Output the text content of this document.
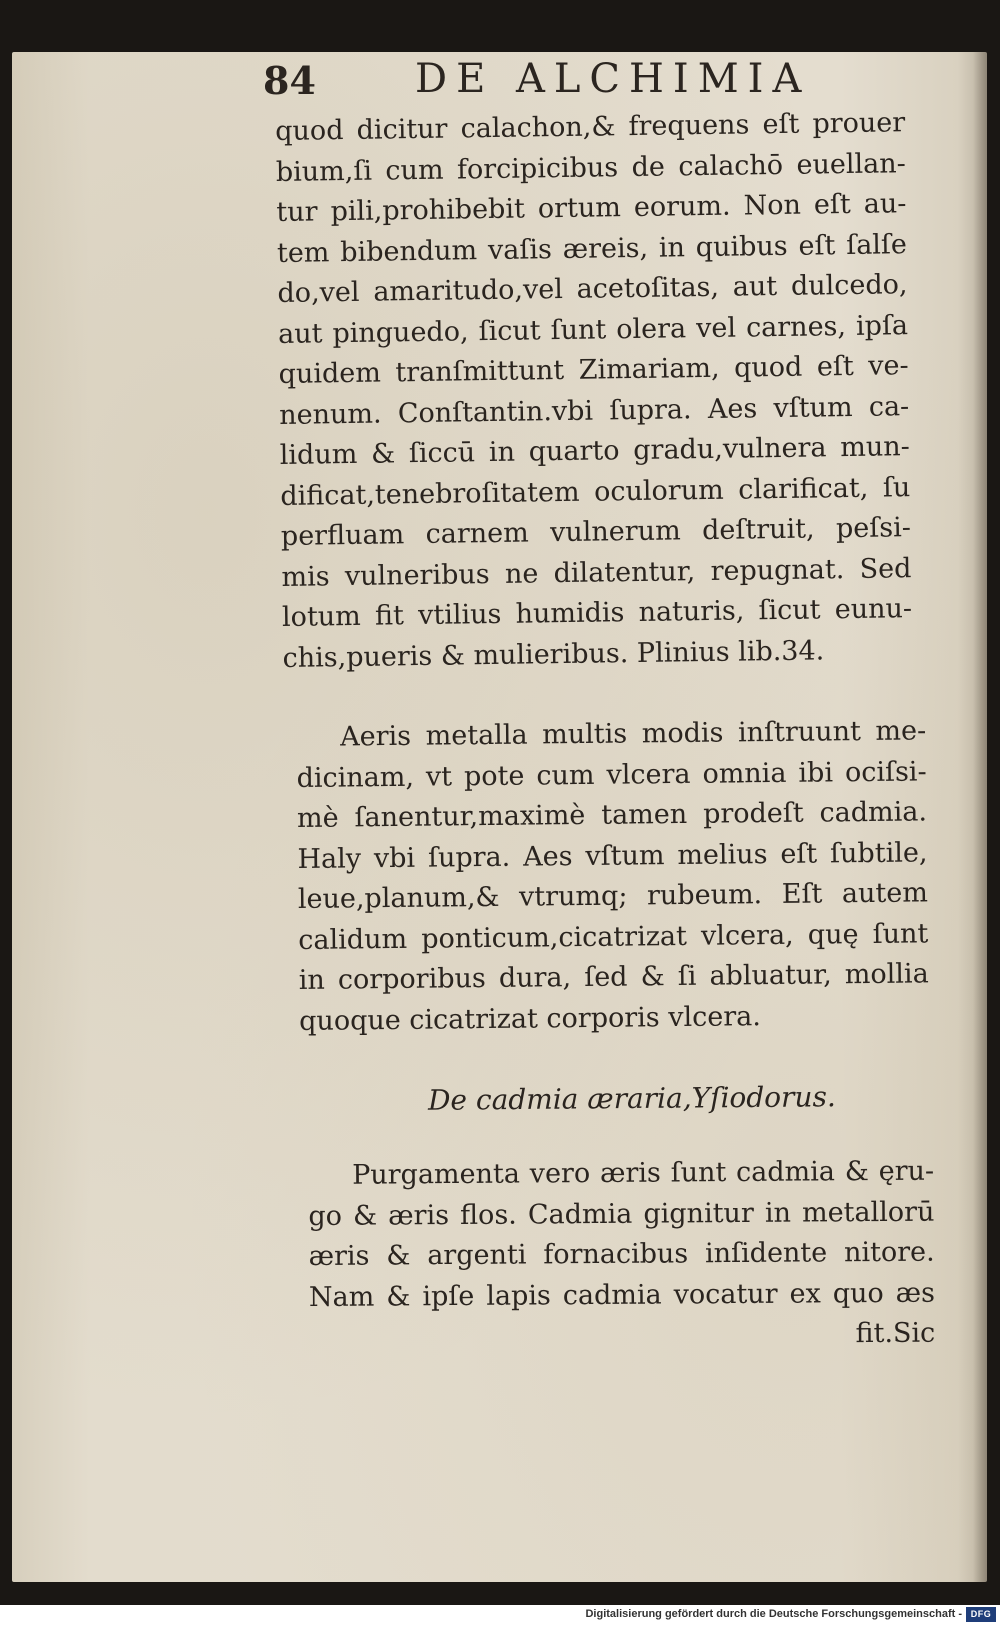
84 DE ALCHIMIA
quod dicitur calachon,& frequens eſt prouer
bium,ſi cum forcipicibus de calachō euellan-
tur pili,prohibebit ortum eorum. Non eſt au-
tem bibendum vaſis æreis, in quibus eſt ſalſe
do,vel amaritudo,vel acetoſitas, aut dulcedo,
aut pinguedo, ſicut ſunt olera vel carnes, ipſa
quidem tranſmittunt Zimariam, quod eſt ve-
nenum. Conſtantin.vbi ſupra. Aes vſtum ca-
lidum & ſiccū in quarto gradu,vulnera mun-
dificat,tenebroſitatem oculorum clarificat, ſu
perfluam carnem vulnerum deſtruit, peſsi-
mis vulneribus ne dilatentur, repugnat. Sed
lotum fit vtilius humidis naturis, ſicut eunu-
chis,pueris & mulieribus. Plinius lib.34.
Aeris metalla multis modis inſtruunt me-
dicinam, vt pote cum vlcera omnia ibi ociſsi-
mè ſanentur,maximè tamen prodeſt cadmia.
Haly vbi ſupra. Aes vſtum melius eſt ſubtile,
leue,planum,& vtrumq; rubeum. Eſt autem
calidum ponticum,cicatrizat vlcera, quę ſunt
in corporibus dura, ſed & ſi abluatur, mollia
quoque cicatrizat corporis vlcera.
De cadmia æraria,Yſiodorus.
Purgamenta vero æris ſunt cadmia & ęru-
go & æris flos. Cadmia gignitur in metallorū
æris & argenti fornacibus inſidente nitore.
Nam & ipſe lapis cadmia vocatur ex quo æs
fit.Sic
Digitalisierung gefördert durch die Deutsche Forschungsgemeinschaft - DFG
